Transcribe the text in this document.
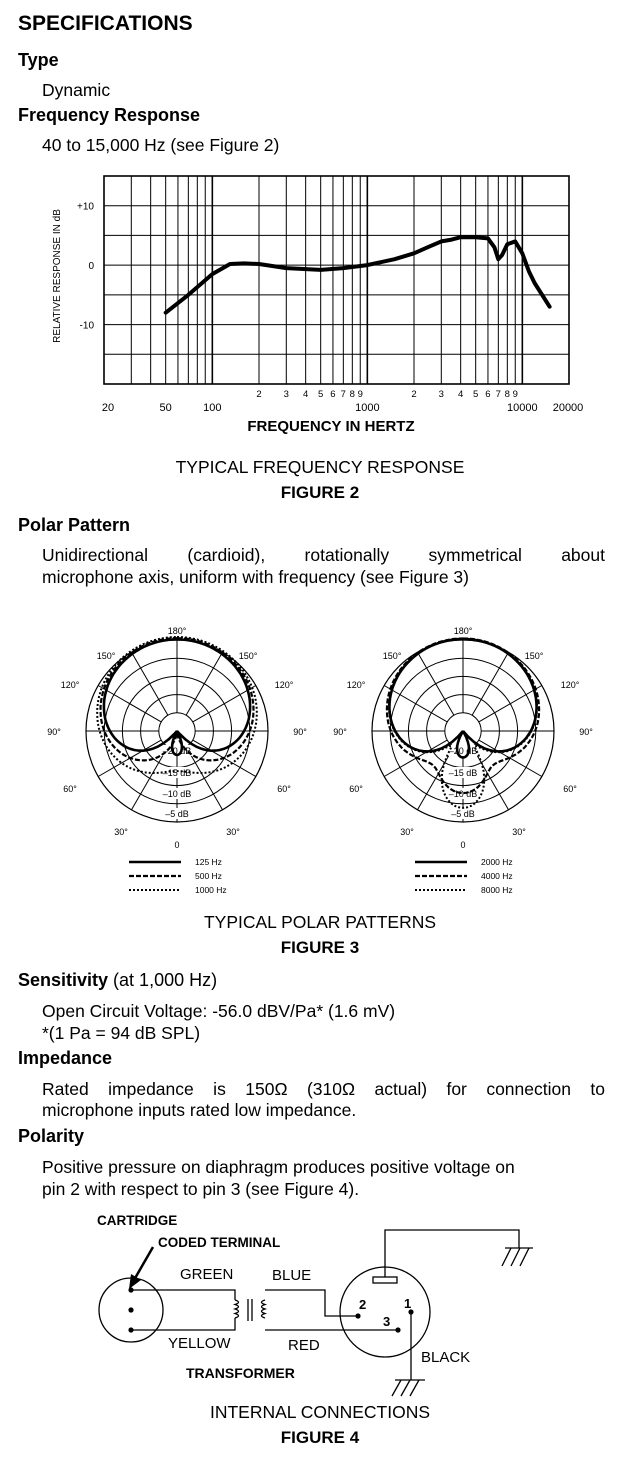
SPECIFICATIONS
Type
Dynamic
Frequency Response
40 to 15,000 Hz (see Figure 2)
+10
0
-10
20	50	100
2 3 4 5 6 7 8 9
1000
2 3 4 5 6 7 8 9
10000 20000
RELATIVE RESPONSE IN dB
FREQUENCY IN HERTZ
TYPICAL FREQUENCY RESPONSE
FIGURE 2
Polar Pattern
Unidirectional (cardioid), rotationally symmetrical about
microphone axis, uniform with frequency (see Figure 3)
180°
150°	150°
120°	120°
90°	90°
60°	60°
30°	30°
0
–20 dB
–15 dB
–10 dB
–5 dB
125 Hz
500 Hz
1000 Hz
180°
150°	150°
120°	120°
90°	90°
60°	60°
30°	30°
0
–20 dB
–15 dB
–10 dB
–5 dB
2000 Hz
4000 Hz
8000 Hz
TYPICAL POLAR PATTERNS
FIGURE 3
Sensitivity (at 1,000 Hz)
Open Circuit Voltage: -56.0 dBV/Pa* (1.6 mV)
*(1 Pa = 94 dB SPL)
Impedance
Rated impedance is 150Ω (310Ω actual) for connection to
microphone inputs rated low impedance.
Polarity
Positive pressure on diaphragm produces positive voltage on
pin 2 with respect to pin 3 (see Figure 4).
CARTRIDGE
CODED TERMINAL
GREEN	BLUE
YELLOW	RED
BLACK
TRANSFORMER
1
2
3
INTERNAL CONNECTIONS
FIGURE 4
